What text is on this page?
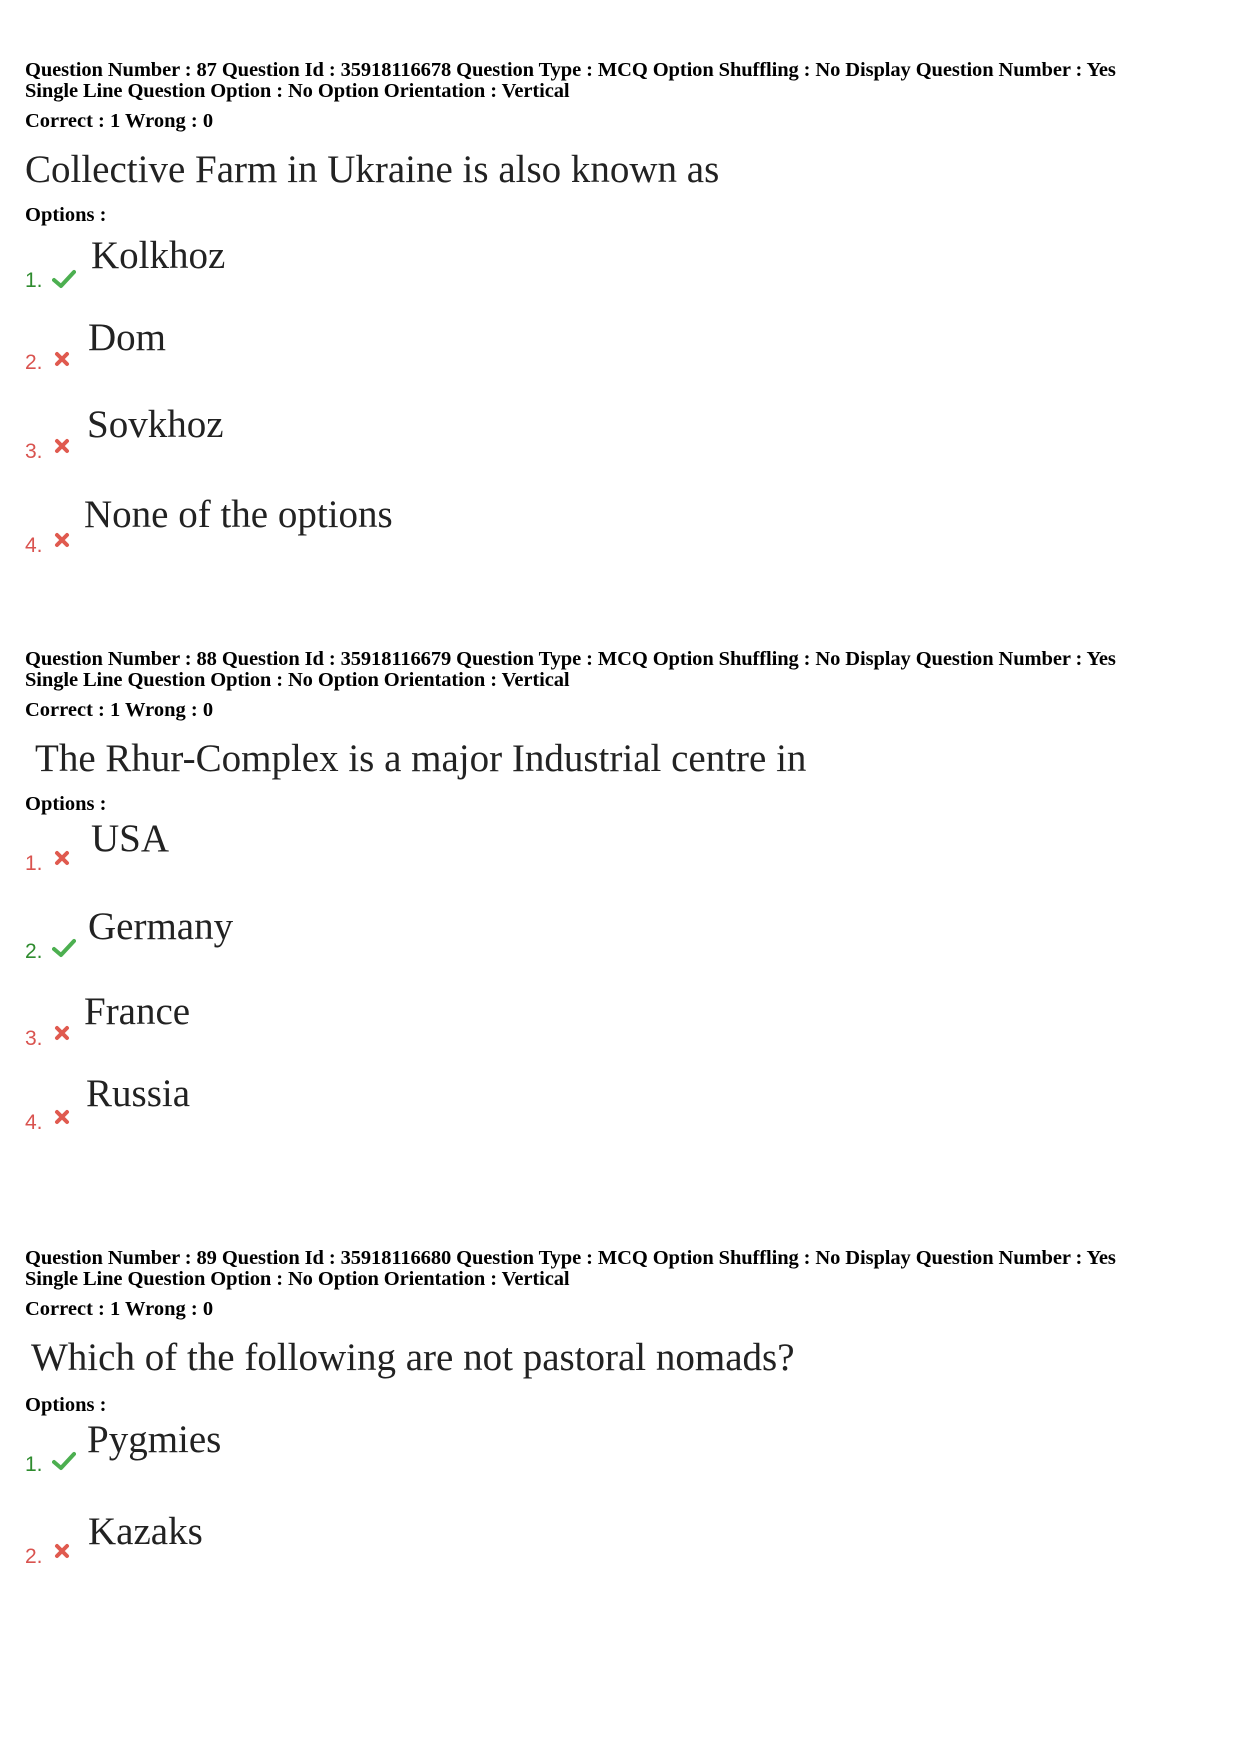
Question Number : 87 Question Id : 35918116678 Question Type : MCQ Option Shuffling : No Display Question Number : Yes
Single Line Question Option : No Option Orientation : Vertical
Correct : 1 Wrong : 0
Collective Farm in Ukraine is also known as
Options :
1.
Kolkhoz
2.
Dom
3.
Sovkhoz
4.
None of the options
Question Number : 88 Question Id : 35918116679 Question Type : MCQ Option Shuffling : No Display Question Number : Yes
Single Line Question Option : No Option Orientation : Vertical
Correct : 1 Wrong : 0
The Rhur-Complex is a major Industrial centre in
Options :
1.
USA
2.
Germany
3.
France
4.
Russia
Question Number : 89 Question Id : 35918116680 Question Type : MCQ Option Shuffling : No Display Question Number : Yes
Single Line Question Option : No Option Orientation : Vertical
Correct : 1 Wrong : 0
Which of the following are not pastoral nomads?
Options :
1.
Pygmies
2.
Kazaks
